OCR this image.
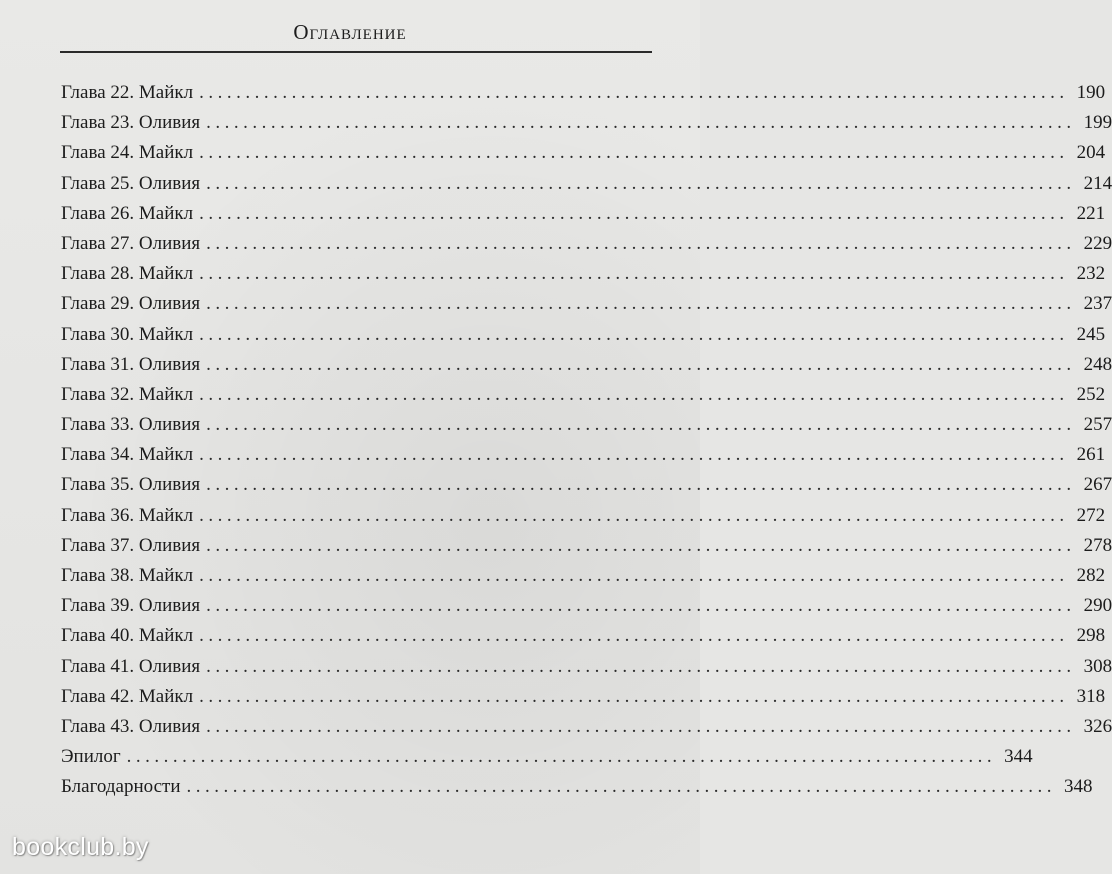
Оглавление
Глава 22. Майкл .............................................................................................. 190
Глава 23. Оливия .............................................................................................. 199
Глава 24. Майкл .............................................................................................. 204
Глава 25. Оливия .............................................................................................. 214
Глава 26. Майкл .............................................................................................. 221
Глава 27. Оливия .............................................................................................. 229
Глава 28. Майкл .............................................................................................. 232
Глава 29. Оливия .............................................................................................. 237
Глава 30. Майкл .............................................................................................. 245
Глава 31. Оливия .............................................................................................. 248
Глава 32. Майкл .............................................................................................. 252
Глава 33. Оливия .............................................................................................. 257
Глава 34. Майкл .............................................................................................. 261
Глава 35. Оливия .............................................................................................. 267
Глава 36. Майкл .............................................................................................. 272
Глава 37. Оливия .............................................................................................. 278
Глава 38. Майкл .............................................................................................. 282
Глава 39. Оливия .............................................................................................. 290
Глава 40. Майкл .............................................................................................. 298
Глава 41. Оливия .............................................................................................. 308
Глава 42. Майкл .............................................................................................. 318
Глава 43. Оливия .............................................................................................. 326
Эпилог .............................................................................................. 344
Благодарности .............................................................................................. 348
bookclub.by
